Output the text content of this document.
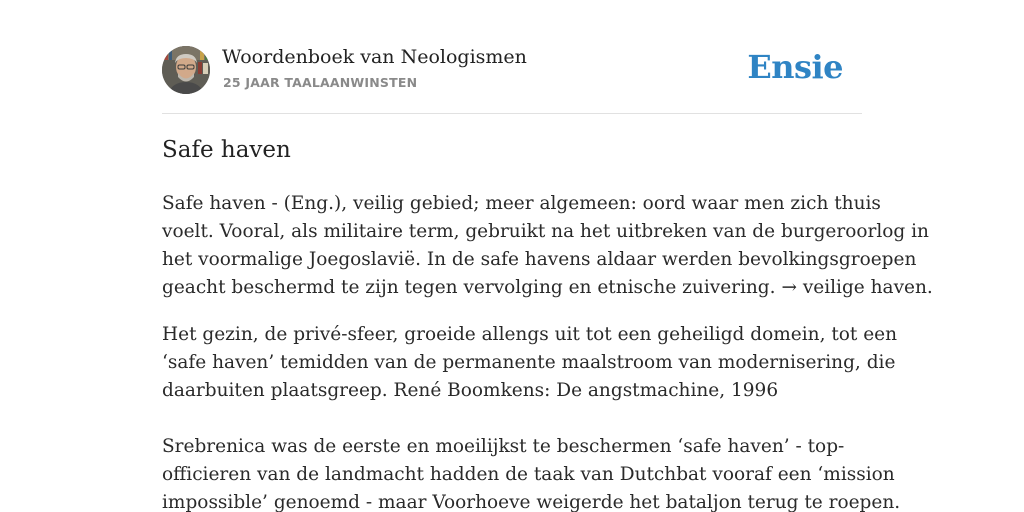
Woordenboek van Neologismen
25 JAAR TAALAANWINSTEN	Ensie
Safe haven

Safe haven - (Eng.), veilig gebied; meer algemeen: oord waar men zich thuis
voelt. Vooral, als militaire term, gebruikt na het uitbreken van de burgeroorlog in
het voormalige Joegoslavië. In de safe havens aldaar werden bevolkingsgroepen
geacht beschermd te zijn tegen vervolging en etnische zuivering. → veilige haven.

Het gezin, de privé-sfeer, groeide allengs uit tot een geheiligd domein, tot een
‘safe haven’ temidden van de permanente maalstroom van modernisering, die
daarbuiten plaatsgreep. René Boomkens: De angstmachine, 1996

Srebrenica was de eerste en moeilijkst te beschermen ‘safe haven’ - top-
officieren van de landmacht hadden de taak van Dutchbat vooraf een ‘mission
impossible’ genoemd - maar Voorhoeve weigerde het bataljon terug te roepen.
